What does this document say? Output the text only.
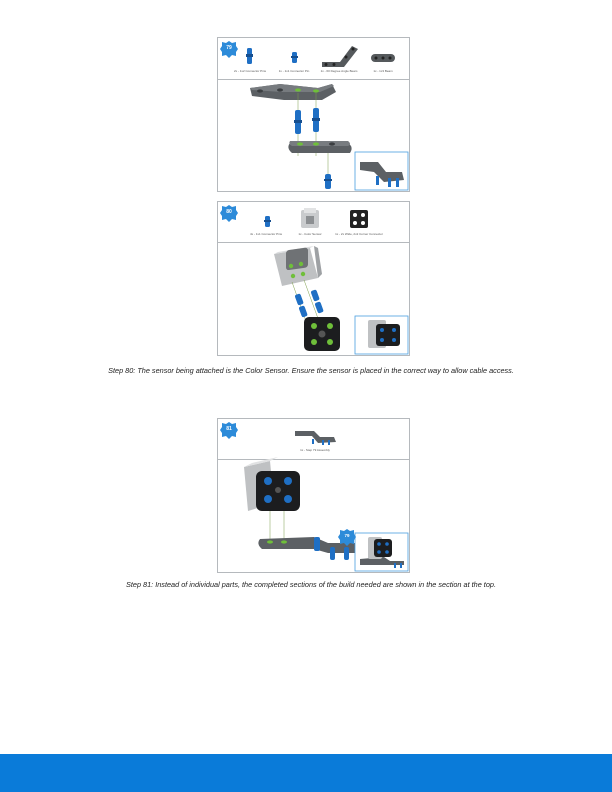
2x - 1x2 Connector Pins	1x - 1x1 Connector Pin	1x - 60 Degree Angle Beam	1x - 1x3 Beam
79
4x - 1x1 Connector Pins	1x - Color Sensor	1x - 2x Wide, 2x2 Corner Connector
80

Step 80: The sensor being attached is the Color Sensor. Ensure the sensor is placed in the correct way to allow cable access.

1x - Step 79 Assembly
81
79

Step 81: Instead of individual parts, the completed sections of the build needed are shown in the section at the top.
